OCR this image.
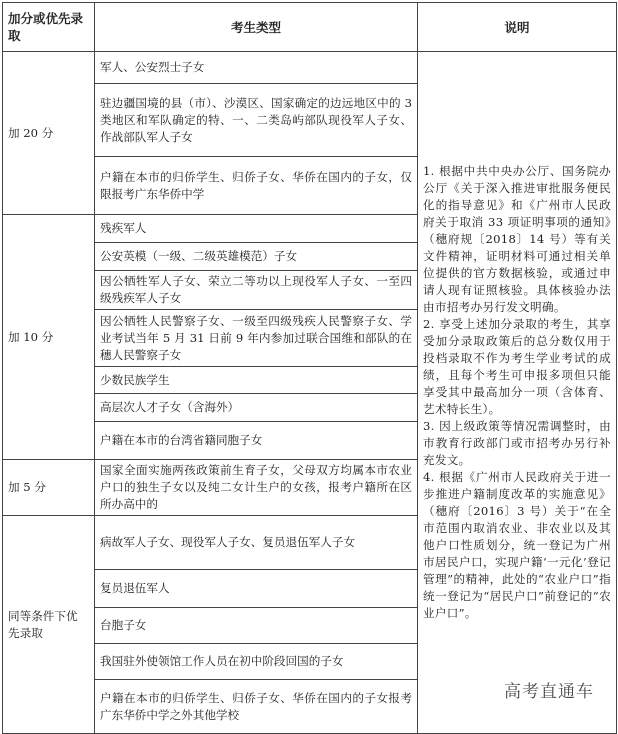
加分或优先录取	考生类型	说明
加 20 分	军人、公安烈士子女	1. 根据中共中央办公厅、国务院办公厅《关于深入推进审批服务便民化的指导意见》和《广州市人民政府关于取消 33 项证明事项的通知》（穗府规〔2018〕14 号）等有关文件精神，证明材料可通过相关单位提供的官方数据核验，或通过申请人现有证照核验。具体核验办法由市招考办另行发文明确。

2. 享受上述加分录取的考生，其享受加分录取政策后的总分数仅用于投档录取不作为考生学业考试的成绩，且每个考生可申报多项但只能享受其中最高加分一项（含体育、艺术特长生）。

3. 因上级政策等情况需调整时，由市教育行政部门或市招考办另行补充发文。

4. 根据《广州市人民政府关于进一步推进户籍制度改革的实施意见》（穗府〔2016〕3 号）关于“在全市范围内取消农业、非农业以及其他户口性质划分，统一登记为广州市居民户口，实现户籍‘一元化’登记管理”的精神，此处的“农业户口”指统一登记为“居民户口”前登记的“农业户口”。

	驻边疆国境的县（市）、沙漠区、国家确定的边远地区中的 3 类地区和军队确定的特、一、二类岛屿部队现役军人子女、作战部队军人子女	
	户籍在本市的归侨学生、归侨子女、华侨在国内的子女，仅限报考广东华侨中学	
加 10 分	残疾军人	
	公安英模（一级、二级英雄模范）子女	
	因公牺牲军人子女、荣立二等功以上现役军人子女、一至四级残疾军人子女	
	因公牺牲人民警察子女、一级至四级残疾人民警察子女、学业考试当年 5 月 31 日前 9 年内参加过联合国维和部队的在穗人民警察子女	
	少数民族学生	
	高层次人才子女（含海外）	
	户籍在本市的台湾省籍同胞子女	
加 5 分	国家全面实施两孩政策前生育子女，父母双方均属本市农业户口的独生子女以及纯二女计生户的女孩，报考户籍所在区所办高中的	
同等条件下优先录取	病故军人子女、现役军人子女、复员退伍军人子女	
	复员退伍军人	
	台胞子女	
	我国驻外使领馆工作人员在初中阶段回国的子女	
	户籍在本市的归侨学生、归侨子女、华侨在国内的子女报考广东华侨中学之外其他学校	
高考直通车
